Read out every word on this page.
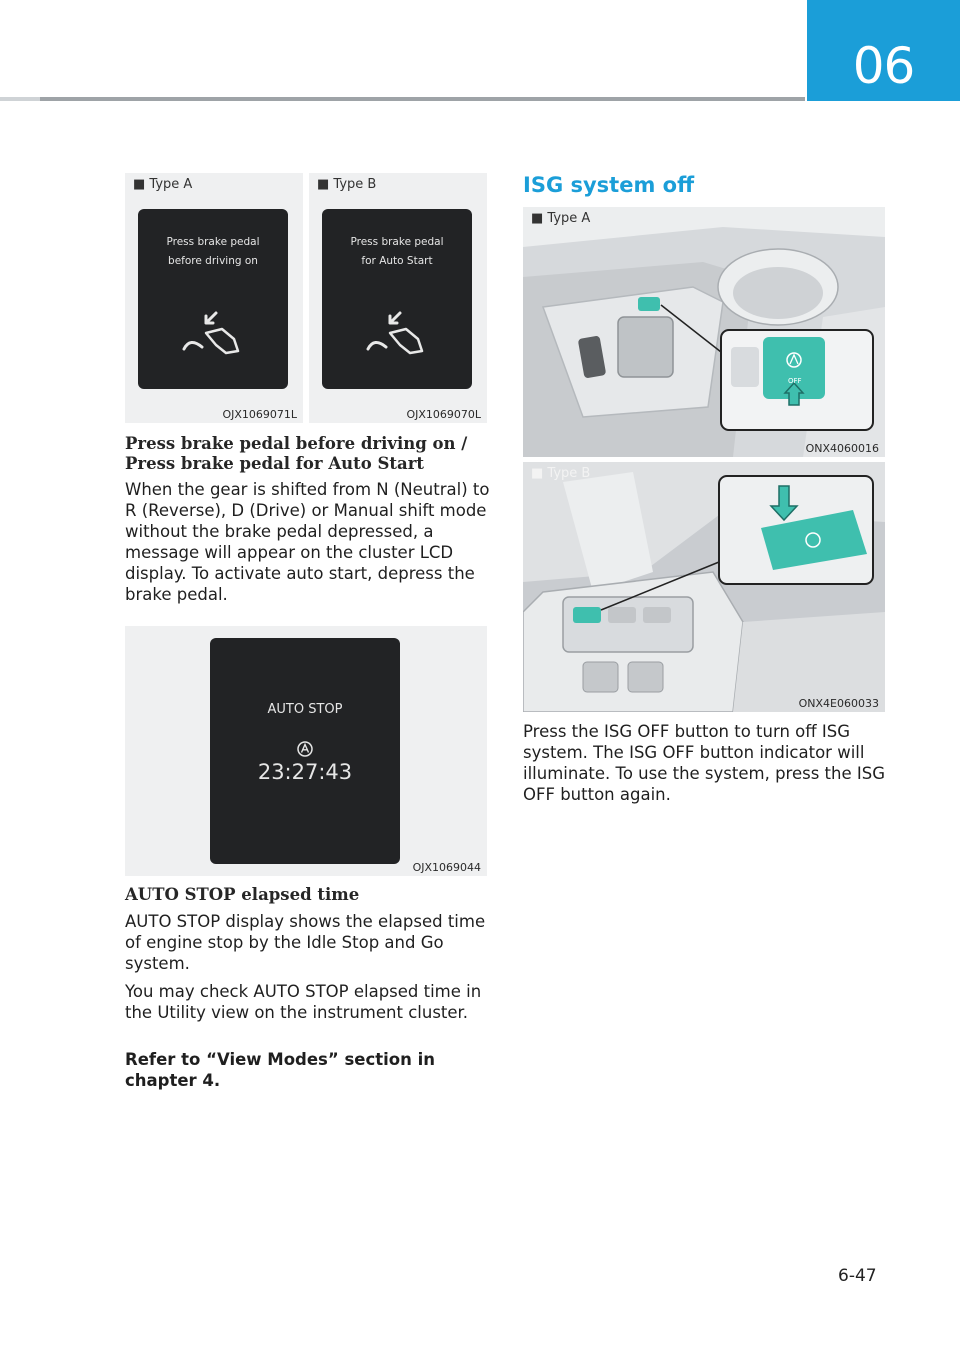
06
■ Type A
Press brake pedal
before driving on
OJX1069071L
■ Type B
Press brake pedal
for Auto Start
OJX1069070L
Press brake pedal before driving on / Press brake pedal for Auto Start

When the gear is shifted from N (Neutral) to R (Reverse), D (Drive) or Manual shift mode without the brake pedal depressed, a message will appear on the cluster LCD display. To activate auto start, depress the brake pedal.

AUTO STOP
23:27:43
OJX1069044
AUTO STOP elapsed time

AUTO STOP display shows the elapsed time of engine stop by the Idle Stop and Go system.

You may check AUTO STOP elapsed time in the Utility view on the instrument cluster.

Refer to “View Modes” section in chapter 4.

ISG system off
OFF
■ Type A
ONX4060016
■ Type B
ONX4E060033

Press the ISG OFF button to turn off ISG system. The ISG OFF button indicator will illuminate. To use the system, press the ISG OFF button again.

6-47
